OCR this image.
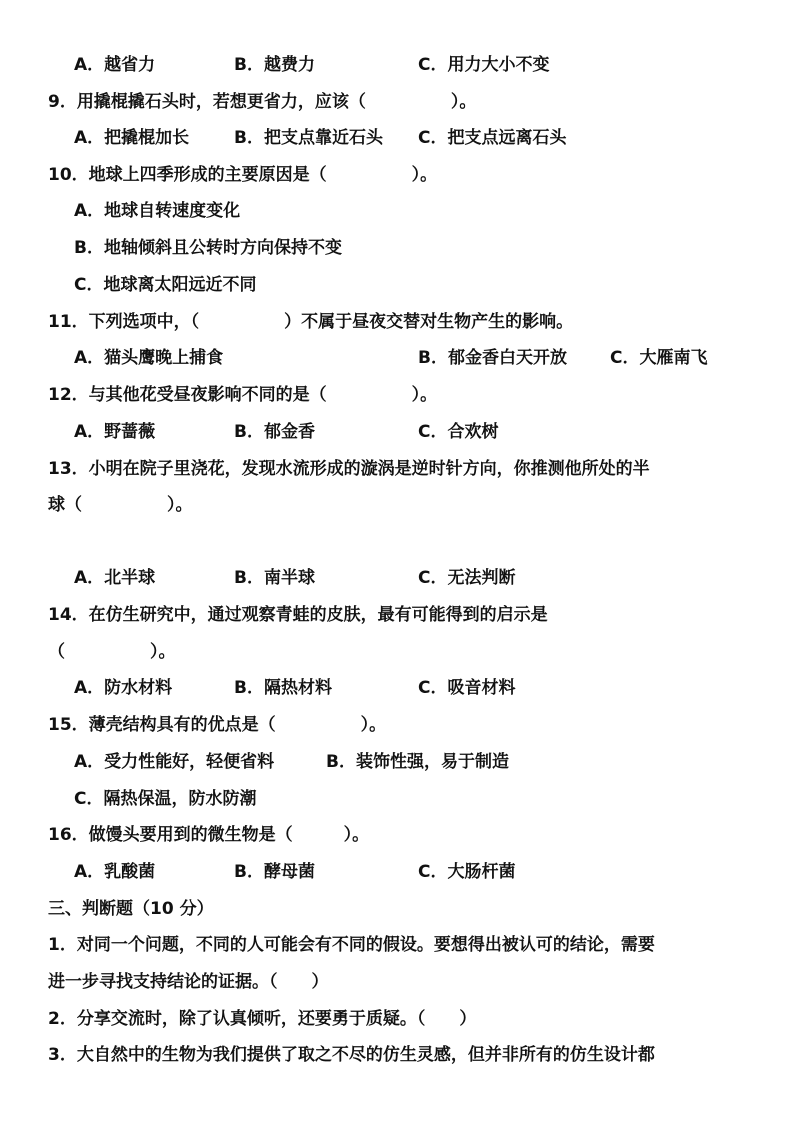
A．越省力	B．越费力	C．用力大小不变
9．用撬棍撬石头时，若想更省力，应该（　　　　　）。
A．把撬棍加长	B．把支点靠近石头 C．把支点远离石头
10．地球上四季形成的主要原因是（　　　　　）。
A．地球自转速度变化
B．地轴倾斜且公转时方向保持不变
C．地球离太阳远近不同
11．下列选项中，（　　　　　）不属于昼夜交替对生物产生的影响。
A．猫头鹰晚上捕食	B．郁金香白天开放	C．大雁南飞
12．与其他花受昼夜影响不同的是（　　　　　）。
A．野蔷薇	B．郁金香	C．合欢树
13．小明在院子里浇花，发现水流形成的漩涡是逆时针方向，你推测他所处的半
球（　　　　　）。
A．北半球	B．南半球	C．无法判断
14．在仿生研究中，通过观察青蛙的皮肤，最有可能得到的启示是
（　　　　　）。
A．防水材料	B．隔热材料	C．吸音材料
15．薄壳结构具有的优点是（　　　　　）。
A．受力性能好，轻便省料	B．装饰性强，易于制造
C．隔热保温，防水防潮
16．做馒头要用到的微生物是（　　　）。
A．乳酸菌	B．酵母菌	C．大肠杆菌
三、判断题（10 分）
1．对同一个问题，不同的人可能会有不同的假设。要想得出被认可的结论，需要
进一步寻找支持结论的证据。（　　）
2．分享交流时，除了认真倾听，还要勇于质疑。（　　）
3．大自然中的生物为我们提供了取之不尽的仿生灵感，但并非所有的仿生设计都
